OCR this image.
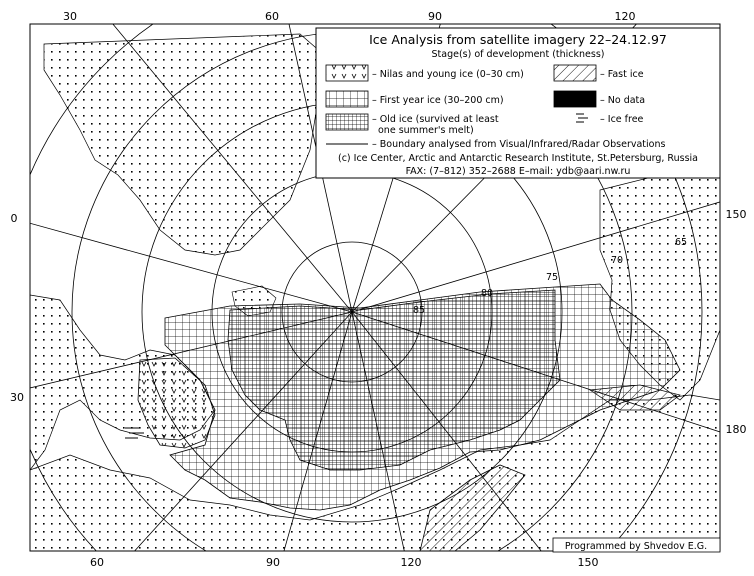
30	60	90	120
60	90	120	150
0
30
150
180
65
70
75
80
85
Ice Analysis from satellite imagery 22–24.12.97
Stage(s) of development (thickness)
– Nilas and young ice (0–30 cm)	– Fast ice
– First year ice (30–200 cm)	– No data
– Old ice (survived at least
one summer's melt)
– Ice free
– Boundary analysed from Visual/Infrared/Radar Observations
(c) Ice Center, Arctic and Antarctic Research Institute, St.Petersburg, Russia
FAX: (7–812) 352–2688 E–mail: ydb@aari.nw.ru
Programmed by Shvedov E.G.
